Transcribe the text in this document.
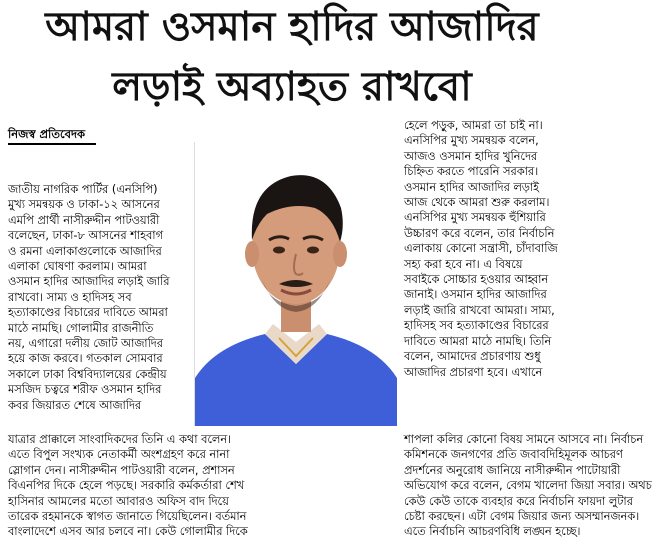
আমরা ওসমান হাদির আজাদির
লড়াই অব্যাহত রাখবো
নিজস্ব প্রতিবেদক
জাতীয় নাগরিক পার্টির (এনসিপি)
মুখ্য সমন্বয়ক ও ঢাকা-১২ আসনের
এমপি প্রার্থী নাসীরুদ্দীন পাটওয়ারী
বলেছেন, ঢাকা-৮ আসনের শাহবাগ
ও রমনা এলাকাগুলোকে আজাদির
এলাকা ঘোষণা করলাম। আমরা
ওসমান হাদির আজাদির লড়াই জারি
রাখবো। সাম্য ও হাদিসহ সব
হত্যাকাণ্ডের বিচারের দাবিতে আমরা
মাঠে নামছি। গোলামীর রাজনীতি
নয়, এগারো দলীয় জোট আজাদির
হয়ে কাজ করবে। গতকাল সোমবার
সকালে ঢাকা বিশ্ববিদ্যালয়ের কেন্দ্রীয়
মসজিদ চত্বরে শরীফ ওসমান হাদির
কবর জিয়ারত শেষে আজাদির
হেলে পড়ুক, আমরা তা চাই না।
এনসিপির মুখ্য সমন্বয়ক বলেন,
আজও ওসমান হাদির খুনিদের
চিহ্নিত করতে পারেনি সরকার।
ওসমান হাদির আজাদির লড়াই
আজ থেকে আমরা শুরু করলাম।
এনসিপির মুখ্য সমন্বয়ক হুঁশিয়ারি
উচ্চারণ করে বলেন, তার নির্বাচনি
এলাকায় কোনো সন্ত্রাসী, চাঁদাবাজি
সহ্য করা হবে না। এ বিষয়ে
সবাইকে সোচ্চার হওয়ার আহ্বান
জানাই। ওসমান হাদির আজাদির
লড়াই জারি রাখবো আমরা। সাম্য,
হাদিসহ সব হত্যাকাণ্ডের বিচারের
দাবিতে আমরা মাঠে নামছি। তিনি
বলেন, আমাদের প্রচারণায় শুধু
আজাদির প্রচারণা হবে। এখানে
যাত্রার প্রাক্কালে সাংবাদিকদের তিনি এ কথা বলেন।
এতে বিপুল সংখ্যক নেতাকর্মী অংশগ্রহণ করে নানা
স্লোগান দেন। নাসীরুদ্দীন পাটওয়ারী বলেন, প্রশাসন
বিএনপির দিকে হেলে পড়ছে। সরকারি কর্মকর্তারা শেখ
হাসিনার আমলের মতো আবারও অফিস বাদ দিয়ে
তারেক রহমানকে স্বাগত জানাতে গিয়েছিলেন। বর্তমান
বাংলাদেশে এসব আর চলবে না। কেউ গোলামীর দিকে
শাপলা কলির কোনো বিষয় সামনে আসবে না। নির্বাচন
কমিশনকে জনগণের প্রতি জবাবদিহিমূলক আচরণ
প্রদর্শনের অনুরোধ জানিয়ে নাসীরুদ্দীন পাটোয়ারী
অভিযোগ করে বলেন, বেগম খালেদা জিয়া সবার। অথচ
কেউ কেউ তাকে ব্যবহার করে নির্বাচনি ফায়দা লুটার
চেষ্টা করছেন। এটা বেগম জিয়ার জন্য অসম্মানজনক।
এতে নির্বাচনি আচরণবিধি লঙ্ঘন হচ্ছে।
